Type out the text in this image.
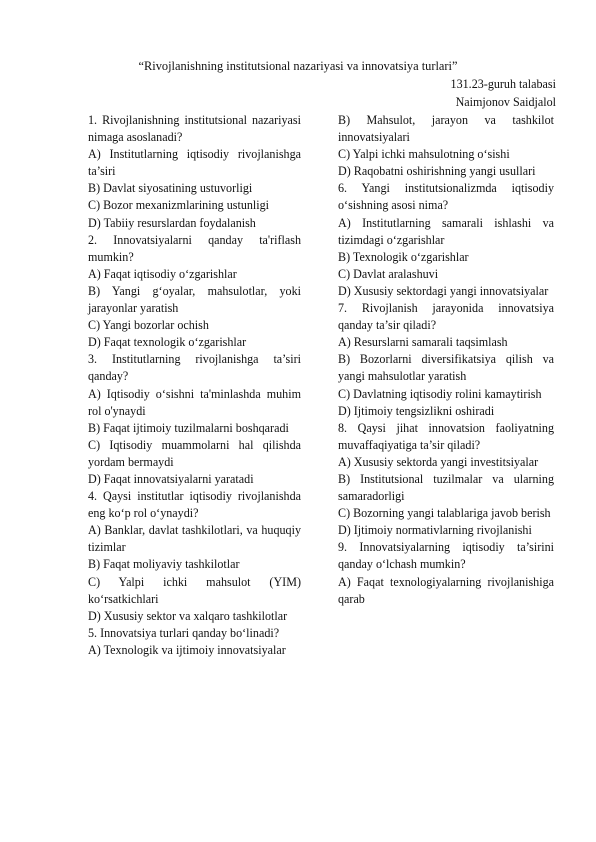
“Rivojlanishning institutsional nazariyasi va innovatsiya turlari”
131.23-guruh talabasi
Naimjonov Saidjalol

1. Rivojlanishning institutsional nazariyasi nimaga asoslanadi?

A) Institutlarning iqtisodiy rivojlanishga ta’siri

B) Davlat siyosatining ustuvorligi

C) Bozor mexanizmlarining ustunligi

D) Tabiiy resurslardan foydalanish

2. Innovatsiyalarni qanday ta'riflash mumkin?

A) Faqat iqtisodiy o‘zgarishlar

B) Yangi g‘oyalar, mahsulotlar, yoki jarayonlar yaratish

C) Yangi bozorlar ochish

D) Faqat texnologik o‘zgarishlar

3. Institutlarning rivojlanishga ta’siri qanday?

A) Iqtisodiy o‘sishni ta'minlashda muhim rol o'ynaydi

B) Faqat ijtimoiy tuzilmalarni boshqaradi

C) Iqtisodiy muammolarni hal qilishda yordam bermaydi

D) Faqat innovatsiyalarni yaratadi

4. Qaysi institutlar iqtisodiy rivojlanishda eng ko‘p rol o‘ynaydi?

A) Banklar, davlat tashkilotlari, va huquqiy tizimlar

B) Faqat moliyaviy tashkilotlar

C) Yalpi ichki mahsulot (YIM) ko‘rsatkichlari

D) Xususiy sektor va xalqaro tashkilotlar

5. Innovatsiya turlari qanday bo‘linadi?

A) Texnologik va ijtimoiy innovatsiyalar

B) Mahsulot, jarayon va tashkilot innovatsiyalari

C) Yalpi ichki mahsulotning o‘sishi

D) Raqobatni oshirishning yangi usullari

6. Yangi institutsionalizmda iqtisodiy o‘sishning asosi nima?

A) Institutlarning samarali ishlashi va tizimdagi o‘zgarishlar

B) Texnologik o‘zgarishlar

C) Davlat aralashuvi

D) Xususiy sektordagi yangi innovatsiyalar

7. Rivojlanish jarayonida innovatsiya qanday ta’sir qiladi?

A) Resurslarni samarali taqsimlash

B) Bozorlarni diversifikatsiya qilish va yangi mahsulotlar yaratish

C) Davlatning iqtisodiy rolini kamaytirish

D) Ijtimoiy tengsizlikni oshiradi

8. Qaysi jihat innovatsion faoliyatning muvaffaqiyatiga ta’sir qiladi?

A) Xususiy sektorda yangi investitsiyalar

B) Institutsional tuzilmalar va ularning samaradorligi

C) Bozorning yangi talablariga javob berish

D) Ijtimoiy normativlarning rivojlanishi

9. Innovatsiyalarning iqtisodiy ta’sirini qanday o‘lchash mumkin?

A) Faqat texnologiyalarning rivojlanishiga qarab
